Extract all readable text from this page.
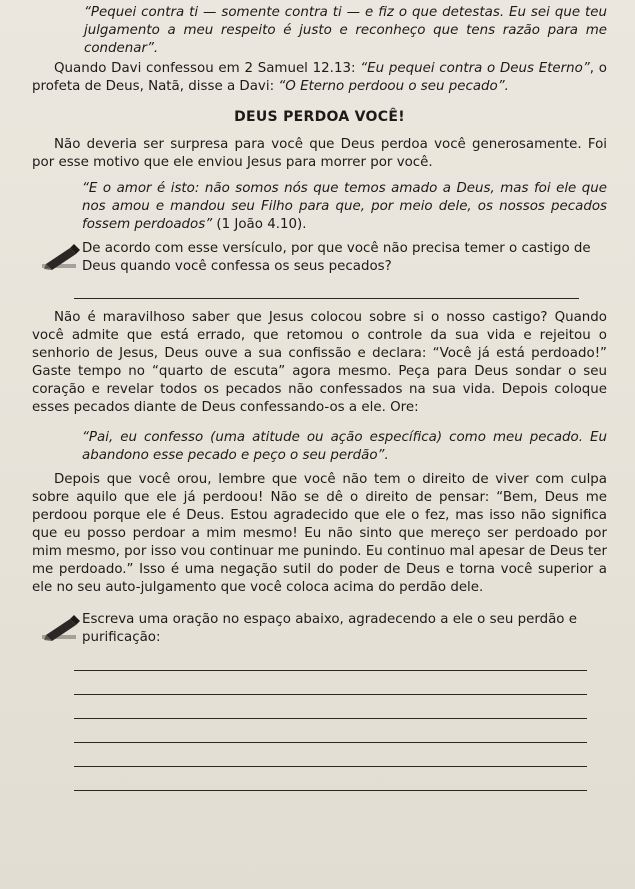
“Pequei contra ti — somente contra ti — e fiz o que detestas. Eu sei que teu julgamento a meu respeito é justo e reconheço que tens razão para me condenar”.

Quando Davi confessou em 2 Samuel 12.13: “Eu pequei contra o Deus Eterno”, o profeta de Deus, Natã, disse a Davi: “O Eterno perdoou o seu pecado”.

DEUS PERDOA VOCÊ!

Não deveria ser surpresa para você que Deus perdoa você generosamente. Foi por esse motivo que ele enviou Jesus para morrer por você.

“E o amor é isto: não somos nós que temos amado a Deus, mas foi ele que nos amou e mandou seu Filho para que, por meio dele, os nossos pecados fossem perdoados” (1 João 4.10).

De acordo com esse versículo, por que você não precisa temer o castigo de Deus quando você confessa os seus pecados?

Não é maravilhoso saber que Jesus colocou sobre si o nosso castigo? Quando você admite que está errado, que retomou o controle da sua vida e rejeitou o senhorio de Jesus, Deus ouve a sua confissão e declara: “Você já está perdoado!” Gaste tempo no “quarto de escuta” agora mesmo. Peça para Deus sondar o seu coração e revelar todos os pecados não confessados na sua vida. Depois coloque esses pecados diante de Deus confessando-os a ele. Ore:

“Pai, eu confesso (uma atitude ou ação específica) como meu pecado. Eu abandono esse pecado e peço o seu perdão”.

Depois que você orou, lembre que você não tem o direito de viver com culpa sobre aquilo que ele já perdoou! Não se dê o direito de pensar: “Bem, Deus me perdoou porque ele é Deus. Estou agradecido que ele o fez, mas isso não significa que eu posso perdoar a mim mesmo! Eu não sinto que mereço ser perdoado por mim mesmo, por isso vou continuar me punindo. Eu continuo mal apesar de Deus ter me perdoado.” Isso é uma negação sutil do poder de Deus e torna você superior a ele no seu auto-julgamento que você coloca acima do perdão dele.

Escreva uma oração no espaço abaixo, agradecendo a ele o seu perdão e purificação:
